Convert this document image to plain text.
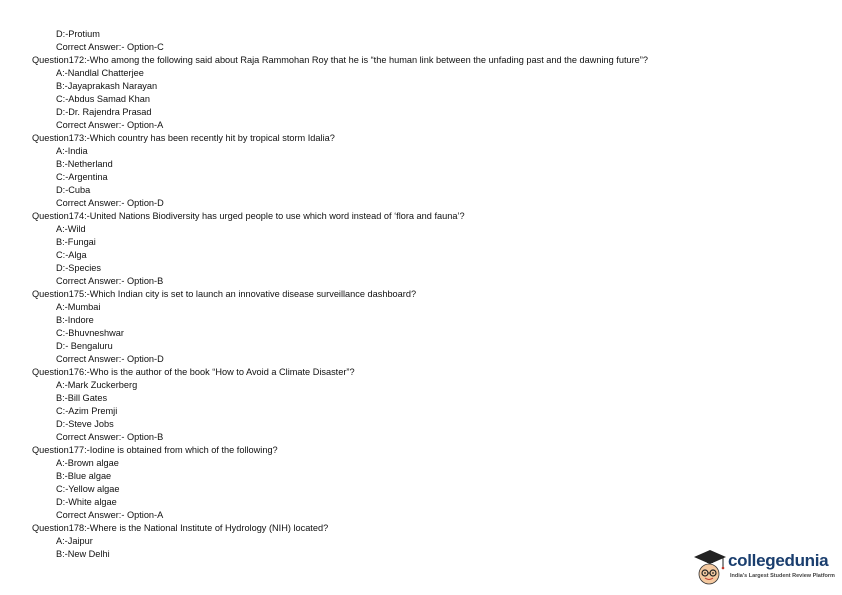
D:-Protium
Correct Answer:- Option-C
Question172:-Who among the following said about Raja Rammohan Roy that he is “the human link between the unfading past and the dawning future”?
A:-Nandlal Chatterjee
B:-Jayaprakash Narayan
C:-Abdus Samad Khan
D:-Dr. Rajendra Prasad
Correct Answer:- Option-A
Question173:-Which country has been recently hit by tropical storm Idalia?
A:-India
B:-Netherland
C:-Argentina
D:-Cuba
Correct Answer:- Option-D
Question174:-United Nations Biodiversity has urged people to use which word instead of ‘flora and fauna’?
A:-Wild
B:-Fungai
C:-Alga
D:-Species
Correct Answer:- Option-B
Question175:-Which Indian city is set to launch an innovative disease surveillance dashboard?
A:-Mumbai
B:-Indore
C:-Bhuvneshwar
D:- Bengaluru
Correct Answer:- Option-D
Question176:-Who is the author of the book “How to Avoid a Climate Disaster”?
A:-Mark Zuckerberg
B:-Bill Gates
C:-Azim Premji
D:-Steve Jobs
Correct Answer:- Option-B
Question177:-Iodine is obtained from which of the following?
A:-Brown algae
B:-Blue algae
C:-Yellow algae
D:-White algae
Correct Answer:- Option-A
Question178:-Where is the National Institute of Hydrology (NIH) located?
A:-Jaipur
B:-New Delhi	collegedunia
India's Largest Student Review Platform
